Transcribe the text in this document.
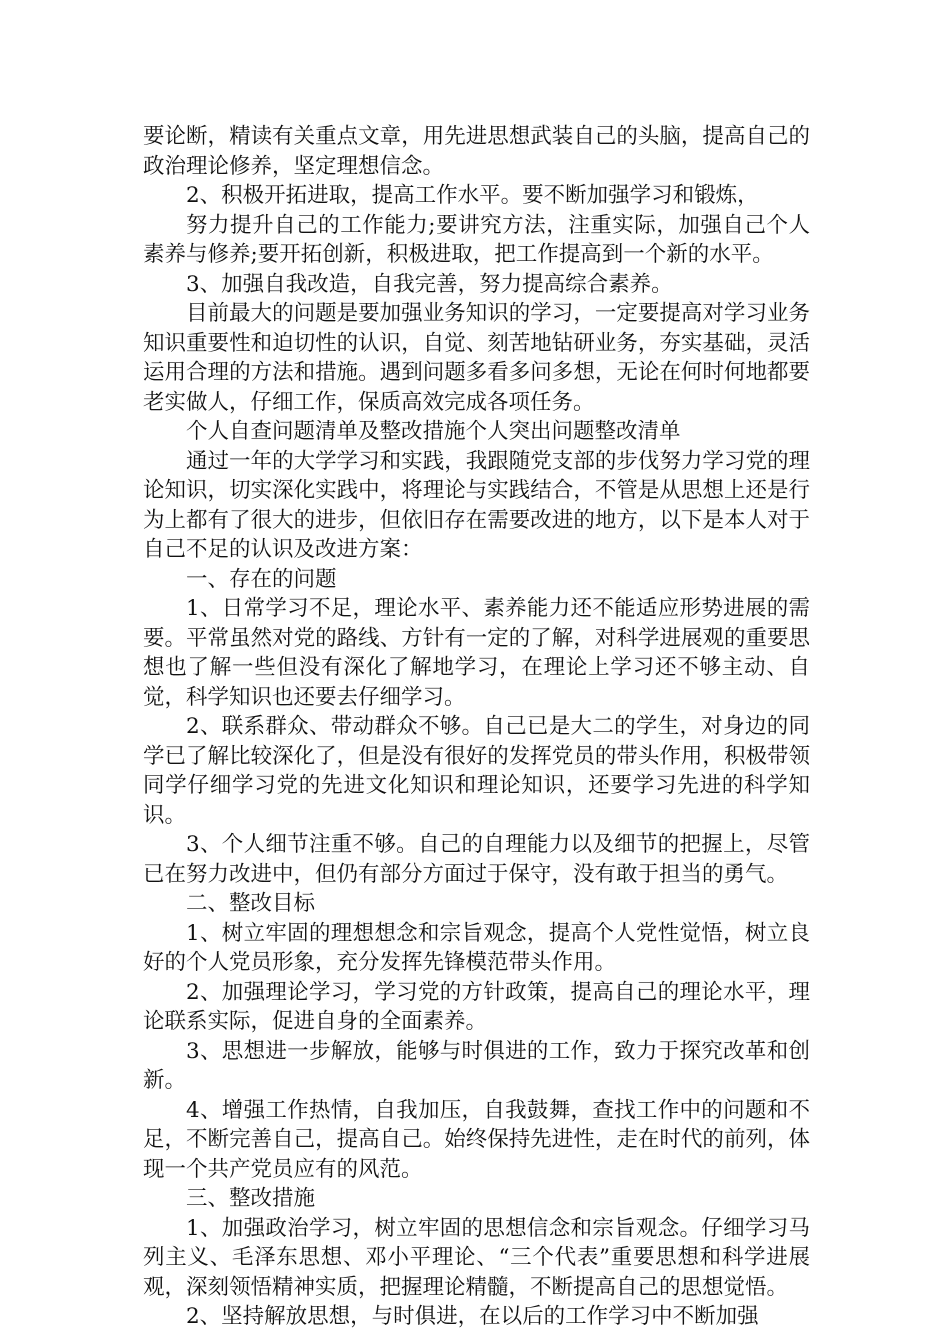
要论断，精读有关重点文章，用先进思想武装自己的头脑，提高自己的政治理论修养，坚定理想信念。

2、积极开拓进取，提高工作水平。要不断加强学习和锻炼，

努力提升自己的工作能力;要讲究方法，注重实际，加强自己个人素养与修养;要开拓创新，积极进取，把工作提高到一个新的水平。

3、加强自我改造，自我完善，努力提高综合素养。

目前最大的问题是要加强业务知识的学习，一定要提高对学习业务知识重要性和迫切性的认识，自觉、刻苦地钻研业务，夯实基础，灵活运用合理的方法和措施。遇到问题多看多问多想，无论在何时何地都要老实做人，仔细工作，保质高效完成各项任务。

个人自查问题清单及整改措施个人突出问题整改清单

通过一年的大学学习和实践，我跟随党支部的步伐努力学习党的理论知识，切实深化实践中，将理论与实践结合，不管是从思想上还是行为上都有了很大的进步，但依旧存在需要改进的地方，以下是本人对于自己不足的认识及改进方案：

一、存在的问题

1、日常学习不足，理论水平、素养能力还不能适应形势进展的需要。平常虽然对党的路线、方针有一定的了解，对科学进展观的重要思想也了解一些但没有深化了解地学习，在理论上学习还不够主动、自觉，科学知识也还要去仔细学习。

2、联系群众、带动群众不够。自己已是大二的学生，对身边的同学已了解比较深化了，但是没有很好的发挥党员的带头作用，积极带领同学仔细学习党的先进文化知识和理论知识，还要学习先进的科学知识。

3、个人细节注重不够。自己的自理能力以及细节的把握上，尽管已在努力改进中，但仍有部分方面过于保守，没有敢于担当的勇气。

二、整改目标

1、树立牢固的理想想念和宗旨观念，提高个人党性觉悟，树立良好的个人党员形象，充分发挥先锋模范带头作用。

2、加强理论学习，学习党的方针政策，提高自己的理论水平，理论联系实际，促进自身的全面素养。

3、思想进一步解放，能够与时俱进的工作，致力于探究改革和创新。

4、增强工作热情，自我加压，自我鼓舞，查找工作中的问题和不足，不断完善自己，提高自己。始终保持先进性，走在时代的前列，体现一个共产党员应有的风范。

三、整改措施

1、加强政治学习，树立牢固的思想信念和宗旨观念。仔细学习马列主义、毛泽东思想、邓小平理论、“三个代表”重要思想和科学进展观，深刻领悟精神实质，把握理论精髓，不断提高自己的思想觉悟。

2、坚持解放思想，与时俱进，在以后的工作学习中不断加强
